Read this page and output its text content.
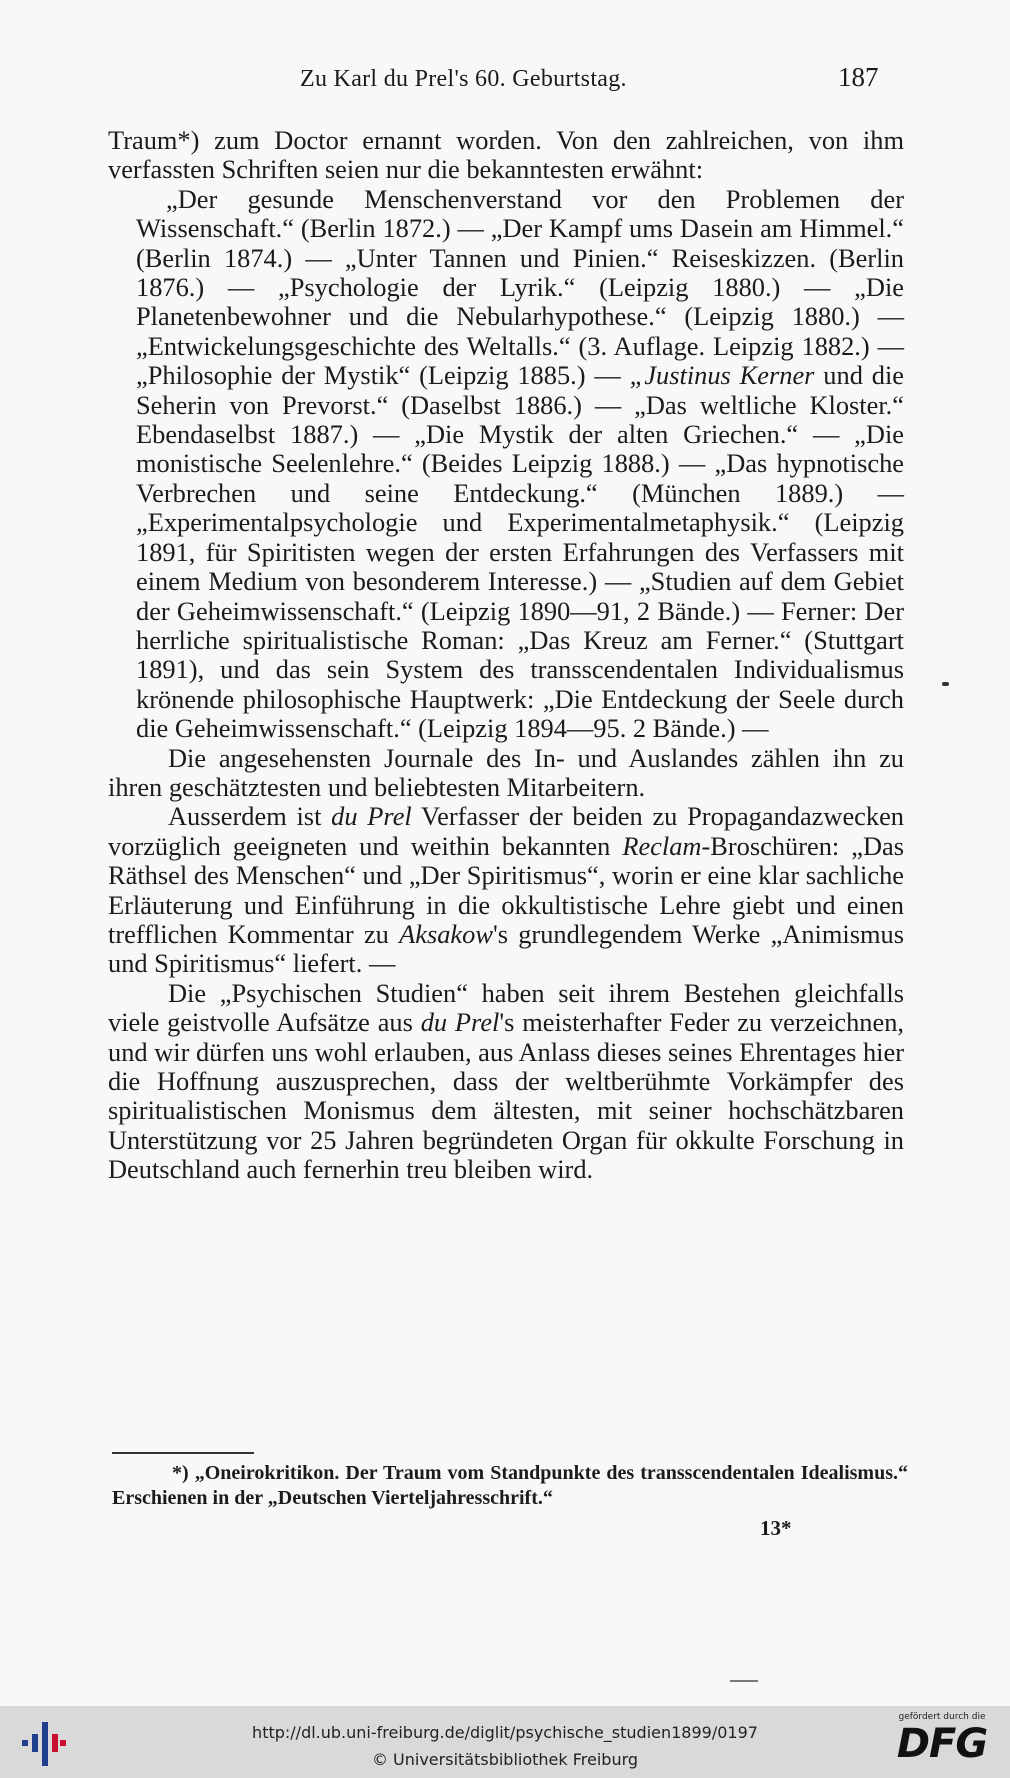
Zu Karl du Prel's 60. Geburtstag.	187

Traum*) zum Doctor ernannt worden. Von den zahlreichen, von ihm verfassten Schriften seien nur die bekanntesten erwähnt:

„Der gesunde Menschenverstand vor den Problemen der Wissenschaft.“ (Berlin 1872.) — „Der Kampf ums Dasein am Himmel.“ (Berlin 1874.) — „Unter Tannen und Pinien.“ Reiseskizzen. (Berlin 1876.) — „Psychologie der Lyrik.“ (Leipzig 1880.) — „Die Planetenbewohner und die Nebularhypothese.“ (Leipzig 1880.) — „Entwickelungsgeschichte des Weltalls.“ (3. Auflage. Leipzig 1882.) — „Philosophie der Mystik“ (Leipzig 1885.) — „Justinus Kerner und die Seherin von Prevorst.“ (Daselbst 1886.) — „Das weltliche Kloster.“ Ebendaselbst 1887.) — „Die Mystik der alten Griechen.“ — „Die monistische Seelenlehre.“ (Beides Leipzig 1888.) — „Das hypnotische Verbrechen und seine Entdeckung.“ (München 1889.) — „Experimentalpsychologie und Experimentalmetaphysik.“ (Leipzig 1891, für Spiritisten wegen der ersten Erfahrungen des Verfassers mit einem Medium von besonderem Interesse.) — „Studien auf dem Gebiet der Geheimwissenschaft.“ (Leipzig 1890—91, 2 Bände.) — Ferner: Der herrliche spiritualistische Roman: „Das Kreuz am Ferner.“ (Stuttgart 1891), und das sein System des transscendentalen Individualismus krönende philosophische Hauptwerk: „Die Entdeckung der Seele durch die Geheimwissenschaft.“ (Leipzig 1894—95. 2 Bände.) —

Die angesehensten Journale des In- und Auslandes zählen ihn zu ihren geschätztesten und beliebtesten Mitarbeitern.

Ausserdem ist du Prel Verfasser der beiden zu Propagandazwecken vorzüglich geeigneten und weithin bekannten Reclam-Broschüren: „Das Räthsel des Menschen“ und „Der Spiritismus“, worin er eine klar sachliche Erläuterung und Einführung in die okkultistische Lehre giebt und einen trefflichen Kommentar zu Aksakow's grundlegendem Werke „Animismus und Spiritismus“ liefert. —

Die „Psychischen Studien“ haben seit ihrem Bestehen gleichfalls viele geistvolle Aufsätze aus du Prel's meisterhafter Feder zu verzeichnen, und wir dürfen uns wohl erlauben, aus Anlass dieses seines Ehrentages hier die Hoffnung auszusprechen, dass der weltberühmte Vorkämpfer des spiritualistischen Monismus dem ältesten, mit seiner hochschätzbaren Unterstützung vor 25 Jahren begründeten Organ für okkulte Forschung in Deutschland auch fernerhin treu bleiben wird.

*) „Oneirokritikon. Der Traum vom Standpunkte des transscendentalen Idealismus.“ Erschienen in der „Deutschen Vierteljahresschrift.“

13*
http://dl.ub.uni-freiburg.de/diglit/psychische_studien1899/0197
© Universitätsbibliothek Freiburg
gefördert durch die
DFG
